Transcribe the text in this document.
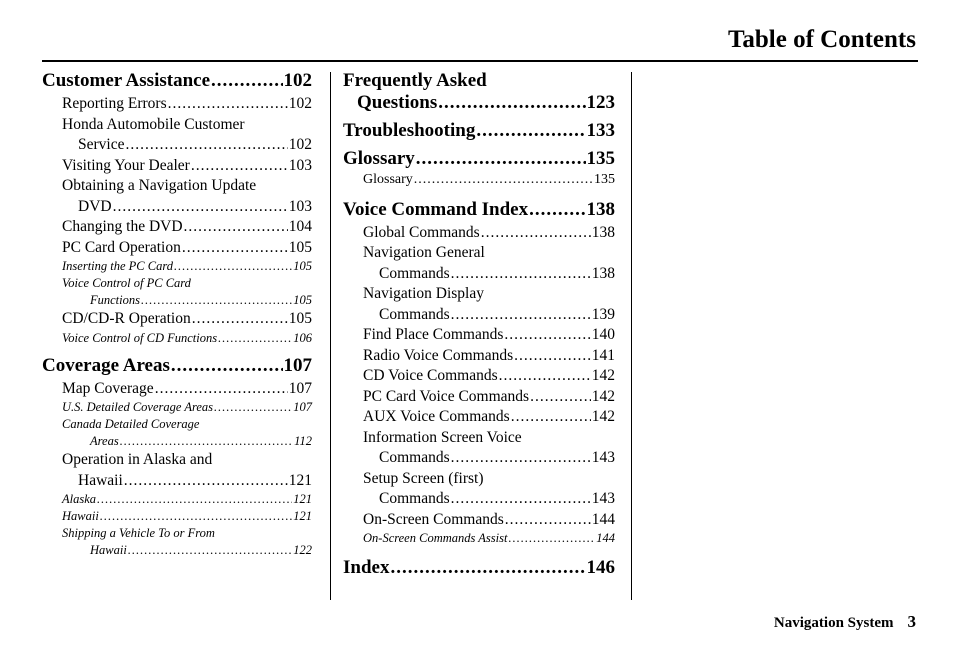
Table of Contents
Customer Assistance .....	102
Reporting Errors .....	102
Honda Automobile Customer
Service .....	102
Visiting Your Dealer .....	103
Obtaining a Navigation Update
DVD .....	103
Changing the DVD .....	104
PC Card Operation .....	105
Inserting the PC Card .....	105
Voice Control of PC Card
Functions .....	105
CD/CD-R Operation .....	105
Voice Control of CD Functions .....	106
Coverage Areas .....	107
Map Coverage .....	107
U.S. Detailed Coverage Areas .....	107
Canada Detailed Coverage
Areas .....	112
Operation in Alaska and
Hawaii .....	121
Alaska .....	121
Hawaii .....	121
Shipping a Vehicle To or From
Hawaii .....	122
Frequently Asked
Questions .....	123
Troubleshooting .....	133
Glossary .....	135
Glossary .....	135
Voice Command Index .....	138
Global Commands .....	138
Navigation General
Commands .....	138
Navigation Display
Commands .....	139
Find Place Commands .....	140
Radio Voice Commands .....	141
CD Voice Commands .....	142
PC Card Voice Commands .....	142
AUX Voice Commands .....	142
Information Screen Voice
Commands .....	143
Setup Screen (first)
Commands .....	143
On-Screen Commands .....	144
On-Screen Commands Assist .....	144
Index .....	146
Navigation System 3
